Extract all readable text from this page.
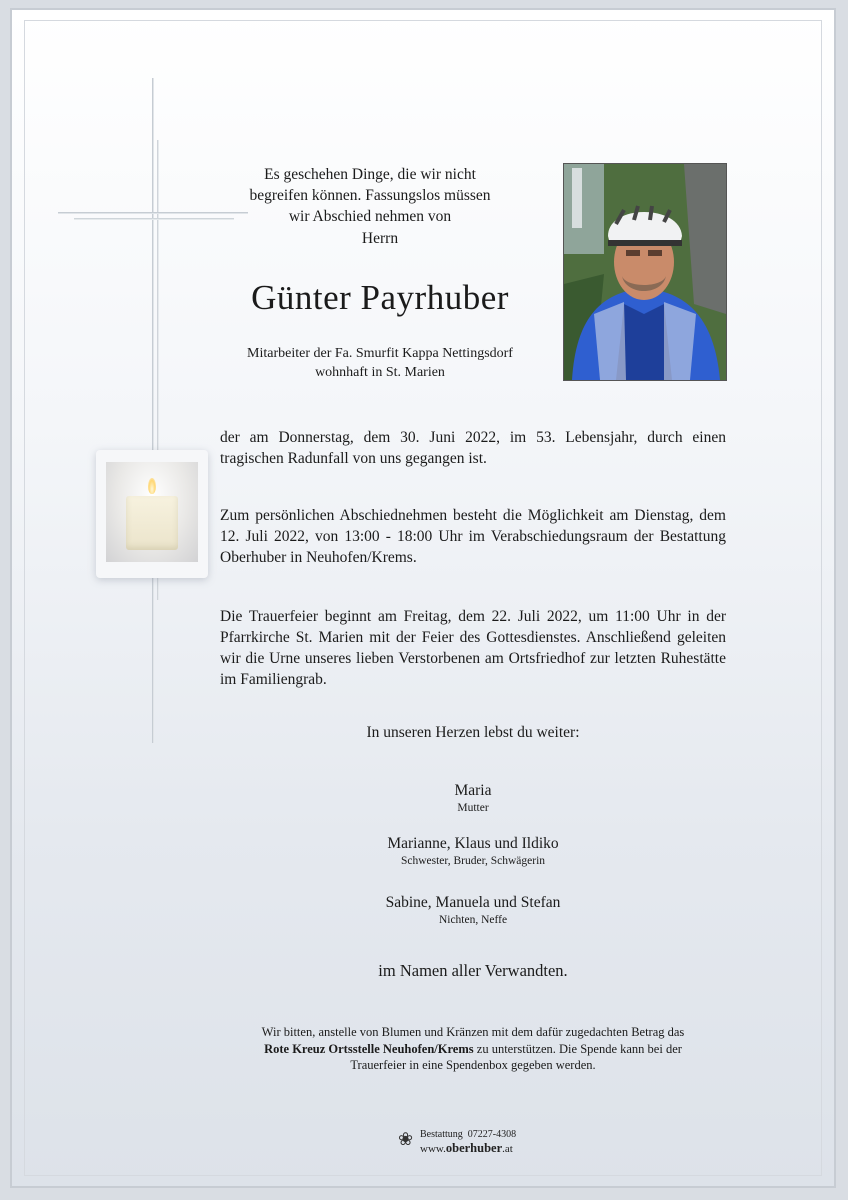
Es geschehen Dinge, die wir nicht
begreifen können. Fassungslos müssen
wir Abschied nehmen von
Herrn
Günter Payrhuber
Mitarbeiter der Fa. Smurfit Kappa Nettingsdorf
wohnhaft in St. Marien
der am Donnerstag, dem 30. Juni 2022, im 53. Lebensjahr, durch einen tragischen Radunfall von uns gegangen ist.
Zum persönlichen Abschiednehmen besteht die Möglichkeit am Dienstag, dem 12. Juli 2022, von 13:00 - 18:00 Uhr im Verabschiedungsraum der Bestattung Oberhuber in Neuhofen/Krems.
Die Trauerfeier beginnt am Freitag, dem 22. Juli 2022, um 11:00 Uhr in der Pfarrkirche St. Marien mit der Feier des Gottesdienstes. Anschließend geleiten wir die Urne unseres lieben Verstorbenen am Ortsfriedhof zur letzten Ruhestätte im Familiengrab.
In unseren Herzen lebst du weiter:
Maria
Mutter
Marianne, Klaus und Ildiko
Schwester, Bruder, Schwägerin
Sabine, Manuela und Stefan
Nichten, Neffe
im Namen aller Verwandten.
Wir bitten, anstelle von Blumen und Kränzen mit dem dafür zugedachten Betrag das
Rote Kreuz Ortsstelle Neuhofen/Krems zu unterstützen. Die Spende kann bei der
Trauerfeier in eine Spendenbox gegeben werden.
❀ Bestattung 07227-4308
www.oberhuber.at
